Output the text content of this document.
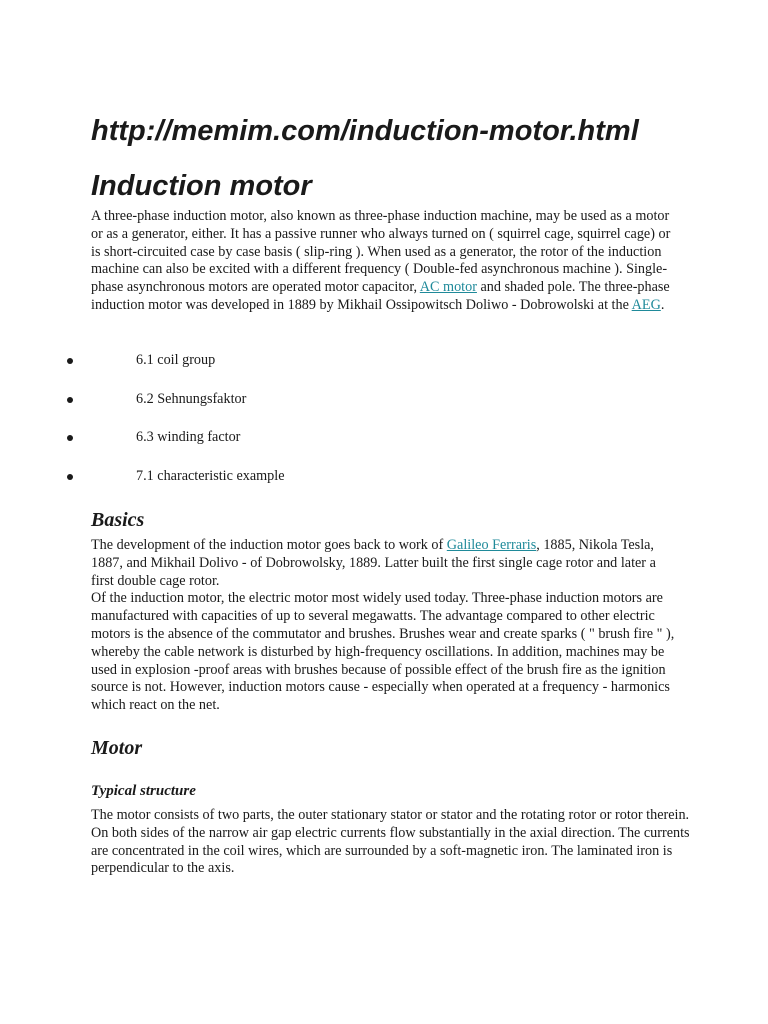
http://memim.com/induction-motor.html
Induction motor

A three-phase induction motor, also known as three-phase induction machine, may be used as a motor or as a generator, either. It has a passive runner who always turned on ( squirrel cage, squirrel cage) or is short-circuited case by case basis ( slip-ring ). When used as a generator, the rotor of the induction machine can also be excited with a different frequency ( Double-fed asynchronous machine ). Single-phase asynchronous motors are operated motor capacitor, AC motor and shaded pole. The three-phase induction motor was developed in 1889 by Mikhail Ossipowitsch Doliwo - Dobrowolski at the AEG.

6.1 coil group
6.2 Sehnungsfaktor
6.3 winding factor
7.1 characteristic example
Basics

The development of the induction motor goes back to work of Galileo Ferraris, 1885, Nikola Tesla, 1887, and Mikhail Dolivo - of Dobrowolsky, 1889. Latter built the first single cage rotor and later a first double cage rotor.

Of the induction motor, the electric motor most widely used today. Three-phase induction motors are manufactured with capacities of up to several megawatts. The advantage compared to other electric motors is the absence of the commutator and brushes. Brushes wear and create sparks ( " brush fire " ), whereby the cable network is disturbed by high-frequency oscillations. In addition, machines may be used in explosion -proof areas with brushes because of possible effect of the brush fire as the ignition source is not. However, induction motors cause - especially when operated at a frequency - harmonics which react on the net.

Motor
Typical structure

The motor consists of two parts, the outer stationary stator or stator and the rotating rotor or rotor therein. On both sides of the narrow air gap electric currents flow substantially in the axial direction. The currents are concentrated in the coil wires, which are surrounded by a soft-magnetic iron. The laminated iron is perpendicular to the axis.
